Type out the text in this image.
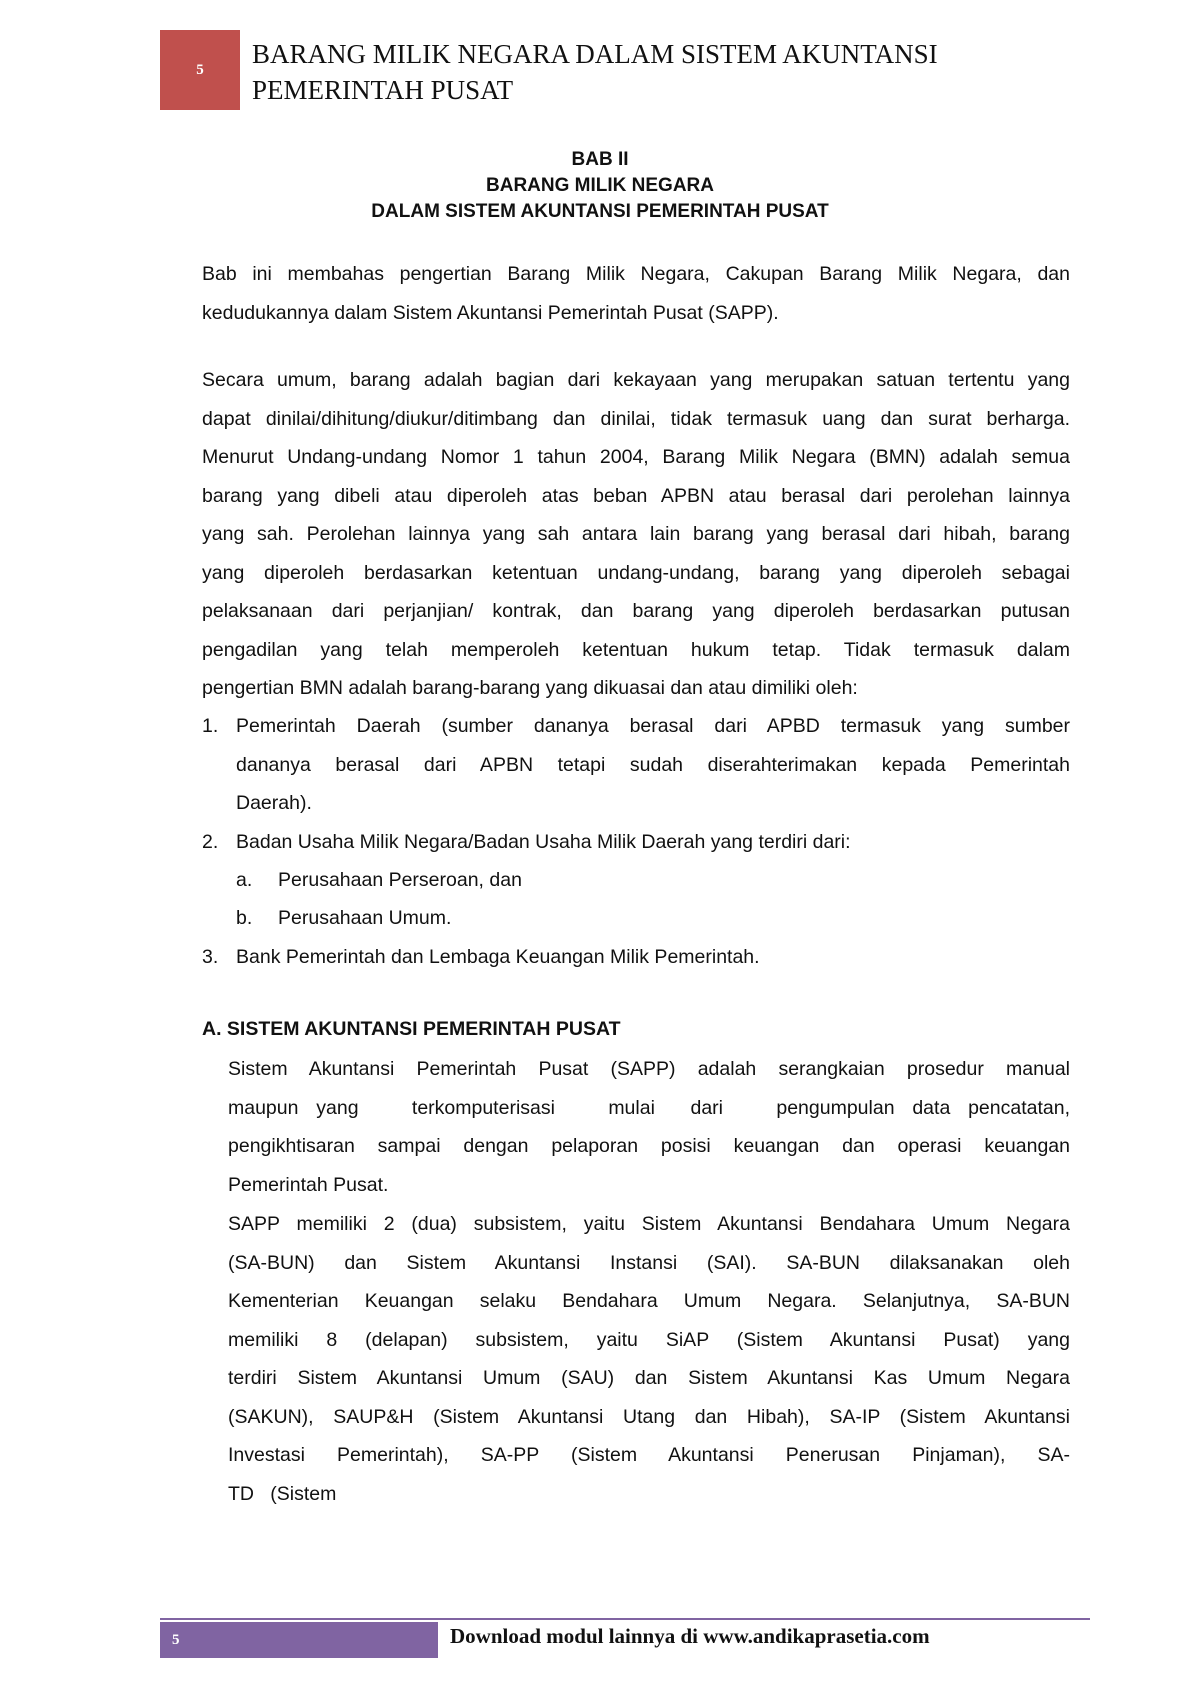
5
BARANG MILIK NEGARA DALAM SISTEM AKUNTANSI
PEMERINTAH PUSAT
BAB II
BARANG MILIK NEGARA
DALAM SISTEM AKUNTANSI PEMERINTAH PUSAT
Bab ini membahas pengertian Barang Milik Negara, Cakupan Barang Milik Negara, dan
kedudukannya dalam Sistem Akuntansi Pemerintah Pusat (SAPP).
Secara umum, barang adalah bagian dari kekayaan yang merupakan satuan tertentu yang
dapat dinilai/dihitung/diukur/ditimbang dan dinilai, tidak termasuk uang dan surat berharga.
Menurut Undang-undang Nomor 1 tahun 2004, Barang Milik Negara (BMN) adalah semua
barang yang dibeli atau diperoleh atas beban APBN atau berasal dari perolehan lainnya
yang sah. Perolehan lainnya yang sah antara lain barang yang berasal dari hibah, barang
yang diperoleh berdasarkan ketentuan undang-undang, barang yang diperoleh sebagai
pelaksanaan dari perjanjian/ kontrak, dan barang yang diperoleh berdasarkan putusan
pengadilan yang telah memperoleh ketentuan hukum tetap. Tidak termasuk dalam
pengertian BMN adalah barang-barang yang dikuasai dan atau dimiliki oleh:
1. Pemerintah Daerah (sumber dananya berasal dari APBD termasuk yang sumber
dananya berasal dari APBN tetapi sudah diserahterimakan kepada Pemerintah
Daerah).
2. Badan Usaha Milik Negara/Badan Usaha Milik Daerah yang terdiri dari:
a. Perusahaan Perseroan, dan
b. Perusahaan Umum.
3. Bank Pemerintah dan Lembaga Keuangan Milik Pemerintah.
A. SISTEM AKUNTANSI PEMERINTAH PUSAT
Sistem Akuntansi Pemerintah Pusat (SAPP) adalah serangkaian prosedur manual
maupun yang   terkomputerisasi   mulai  dari   pengumpulan data pencatatan,
pengikhtisaran sampai dengan pelaporan posisi keuangan dan operasi keuangan
Pemerintah Pusat.
SAPP memiliki 2 (dua) subsistem, yaitu Sistem Akuntansi Bendahara Umum Negara
(SA-BUN) dan Sistem Akuntansi Instansi (SAI). SA-BUN dilaksanakan oleh
Kementerian Keuangan selaku Bendahara Umum Negara. Selanjutnya, SA-BUN
memiliki 8 (delapan) subsistem, yaitu SiAP (Sistem Akuntansi Pusat) yang
terdiri Sistem Akuntansi Umum (SAU) dan Sistem Akuntansi Kas Umum Negara
(SAKUN), SAUP&H (Sistem Akuntansi Utang dan Hibah), SA-IP (Sistem Akuntansi
Investasi Pemerintah), SA-PP (Sistem Akuntansi Penerusan Pinjaman), SA-
TD   (Sistem
5	Download modul lainnya di www.andikaprasetia.com
